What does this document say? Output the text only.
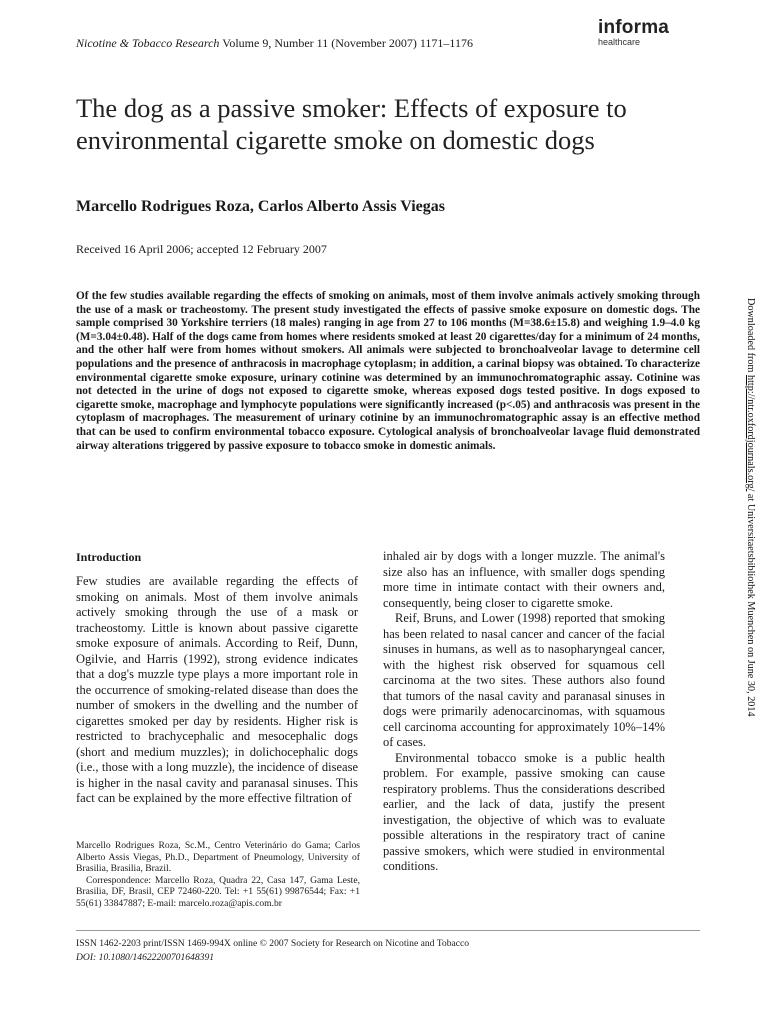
Nicotine & Tobacco Research Volume 9, Number 11 (November 2007) 1171–1176
informa
healthcare
The dog as a passive smoker: Effects of exposure to environmental cigarette smoke on domestic dogs
Marcello Rodrigues Roza, Carlos Alberto Assis Viegas
Received 16 April 2006; accepted 12 February 2007
Of the few studies available regarding the effects of smoking on animals, most of them involve animals actively smoking through the use of a mask or tracheostomy. The present study investigated the effects of passive smoke exposure on domestic dogs. The sample comprised 30 Yorkshire terriers (18 males) ranging in age from 27 to 106 months (M=38.6±15.8) and weighing 1.9–4.0 kg (M=3.04±0.48). Half of the dogs came from homes where residents smoked at least 20 cigarettes/day for a minimum of 24 months, and the other half were from homes without smokers. All animals were subjected to bronchoalveolar lavage to determine cell populations and the presence of anthracosis in macrophage cytoplasm; in addition, a carinal biopsy was obtained. To characterize environmental cigarette smoke exposure, urinary cotinine was determined by an immunochromatographic assay. Cotinine was not detected in the urine of dogs not exposed to cigarette smoke, whereas exposed dogs tested positive. In dogs exposed to cigarette smoke, macrophage and lymphocyte populations were significantly increased (p<.05) and anthracosis was present in the cytoplasm of macrophages. The measurement of urinary cotinine by an immunochromatographic assay is an effective method that can be used to confirm environmental tobacco exposure. Cytological analysis of bronchoalveolar lavage fluid demonstrated airway alterations triggered by passive exposure to tobacco smoke in domestic animals.
Introduction

Few studies are available regarding the effects of smoking on animals. Most of them involve animals actively smoking through the use of a mask or tracheostomy. Little is known about passive cigarette smoke exposure of animals. According to Reif, Dunn, Ogilvie, and Harris (1992), strong evidence indicates that a dog's muzzle type plays a more important role in the occurrence of smoking-related disease than does the number of smokers in the dwelling and the number of cigarettes smoked per day by residents. Higher risk is restricted to brachycephalic and mesocephalic dogs (short and medium muzzles); in dolichocephalic dogs (i.e., those with a long muzzle), the incidence of disease is higher in the nasal cavity and paranasal sinuses. This fact can be explained by the more effective filtration of

inhaled air by dogs with a longer muzzle. The animal's size also has an influence, with smaller dogs spending more time in intimate contact with their owners and, consequently, being closer to cigarette smoke.

Reif, Bruns, and Lower (1998) reported that smoking has been related to nasal cancer and cancer of the facial sinuses in humans, as well as to nasopharyngeal cancer, with the highest risk observed for squamous cell carcinoma at the two sites. These authors also found that tumors of the nasal cavity and paranasal sinuses in dogs were primarily adenocarcinomas, with squamous cell carcinoma accounting for approximately 10%–14% of cases.

Environmental tobacco smoke is a public health problem. For example, passive smoking can cause respiratory problems. Thus the considerations described earlier, and the lack of data, justify the present investigation, the objective of which was to evaluate possible alterations in the respiratory tract of canine passive smokers, which were studied in environmental conditions.

Marcello Rodrigues Roza, Sc.M., Centro Veterinário do Gama; Carlos Alberto Assis Viegas, Ph.D., Department of Pneumology, University of Brasilia, Brasilia, Brazil.

Correspondence: Marcello Roza, Quadra 22, Casa 147, Gama Leste, Brasilia, DF, Brasil, CEP 72460-220. Tel: +1 55(61) 99876544; Fax: +1 55(61) 33847887; E-mail: marcelo.roza@apis.com.br

ISSN 1462-2203 print/ISSN 1469-994X online © 2007 Society for Research on Nicotine and Tobacco
DOI: 10.1080/14622200701648391
Downloaded from http://ntr.oxfordjournals.org/ at Universitaetsbibliothek Muenchen on June 30, 2014
